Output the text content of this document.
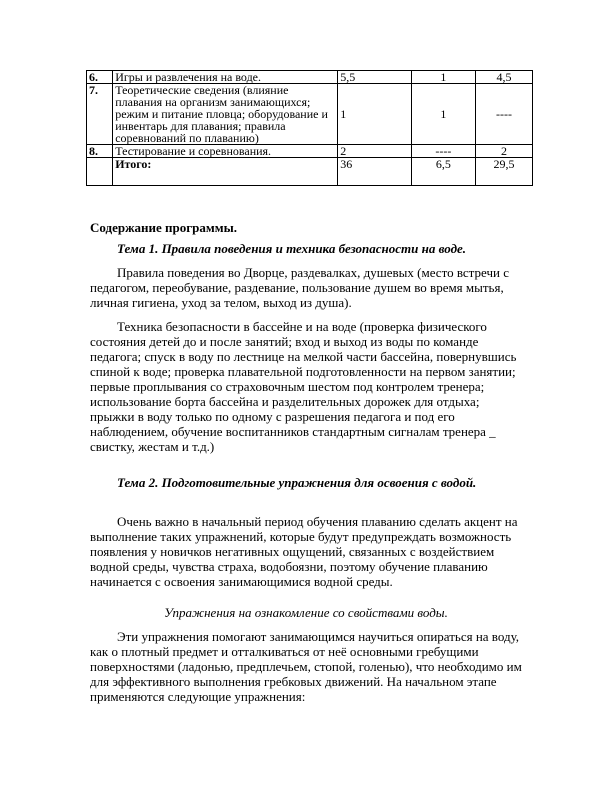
6.	Игры и развлечения на воде.	5,5	1	4,5
7.	Теоретические сведения (влияние плавания на организм занимающихся; режим и питание пловца; оборудование и инвентарь для плавания; правила соревнований по плаванию)	1	1	----
8.	Тестирование и соревнования.	2	----	2
	Итого:	36	6,5	29,5
Содержание программы.
Тема 1. Правила поведения и техника безопасности на воде.

Правила поведения во Дворце, раздевалках, душевых (место встречи с педагогом, переобувание, раздевание, пользование душем во время мытья, личная гигиена, уход за телом, выход из душа).

Техника безопасности в бассейне и на воде (проверка физического состояния детей до и после занятий; вход и выход из воды по команде педагога; спуск в воду по лестнице на мелкой части бассейна, повернувшись спиной к воде; проверка плавательной подготовленности на первом занятии; первые проплывания со страховочным шестом под контролем тренера; использование борта бассейна и разделительных дорожек для отдыха; прыжки в воду только по одному с разрешения педагога и под его наблюдением, обучение воспитанников стандартным сигналам тренера _ свистку, жестам и т.д.)

Тема 2. Подготовительные упражнения для освоения с водой.

Очень важно в начальный период обучения плаванию сделать акцент на выполнение таких упражнений, которые будут предупреждать возможность появления у новичков негативных ощущений, связанных с воздействием водной среды, чувства страха, водобоязни, поэтому обучение плаванию начинается с освоения занимающимися водной среды.

Упражнения на ознакомление со свойствами воды.

Эти упражнения помогают занимающимся научиться опираться на воду, как о плотный предмет и отталкиваться от неё основными гребущими поверхностями (ладонью, предплечьем, стопой, голенью), что необходимо им для эффективного выполнения гребковых движений. На начальном этапе применяются следующие упражнения:
